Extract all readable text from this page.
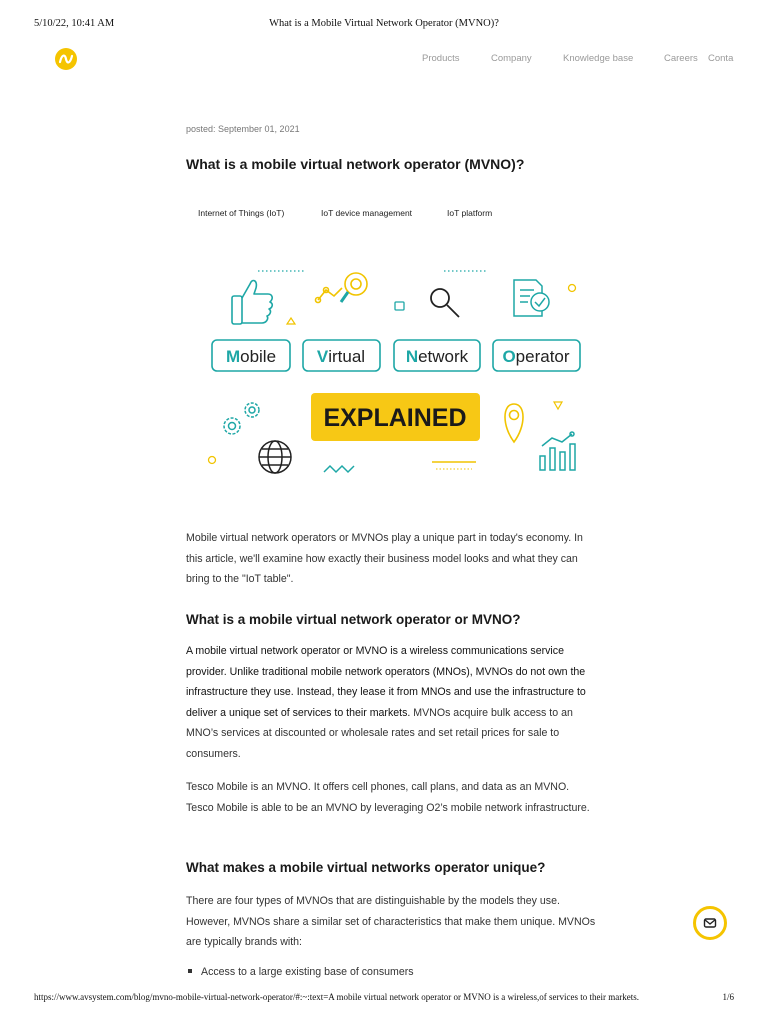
5/10/22, 10:41 AM	What is a Mobile Virtual Network Operator (MVNO)?
Products	Company	Knowledge base	Careers Conta
posted: September 01, 2021
What is a mobile virtual network operator (MVNO)?
Internet of Things (IoT)	IoT device management	IoT platform
Mobile Virtual Network Operator
EXPLAINED
Mobile virtual network operators or MVNOs play a unique part in today's economy. In this article, we'll examine how exactly their business model looks and what they can bring to the "IoT table".
What is a mobile virtual network operator or MVNO?
A mobile virtual network operator or MVNO is a wireless communications service provider. Unlike traditional mobile network operators (MNOs), MVNOs do not own the infrastructure they use. Instead, they lease it from MNOs and use the infrastructure to deliver a unique set of services to their markets. MVNOs acquire bulk access to an MNO’s services at discounted or wholesale rates and set retail prices for sale to consumers.
Tesco Mobile is an MVNO. It offers cell phones, call plans, and data as an MVNO. Tesco Mobile is able to be an MVNO by leveraging O2’s mobile network infrastructure.
What makes a mobile virtual networks operator unique?
There are four types of MVNOs that are distinguishable by the models they use. However, MVNOs share a similar set of characteristics that make them unique. MVNOs are typically brands with:
Access to a large existing base of consumers
https://www.avsystem.com/blog/mvno-mobile-virtual-network-operator/#:~:text=A mobile virtual network operator or MVNO is a wireless,of services to their markets.	1/6
